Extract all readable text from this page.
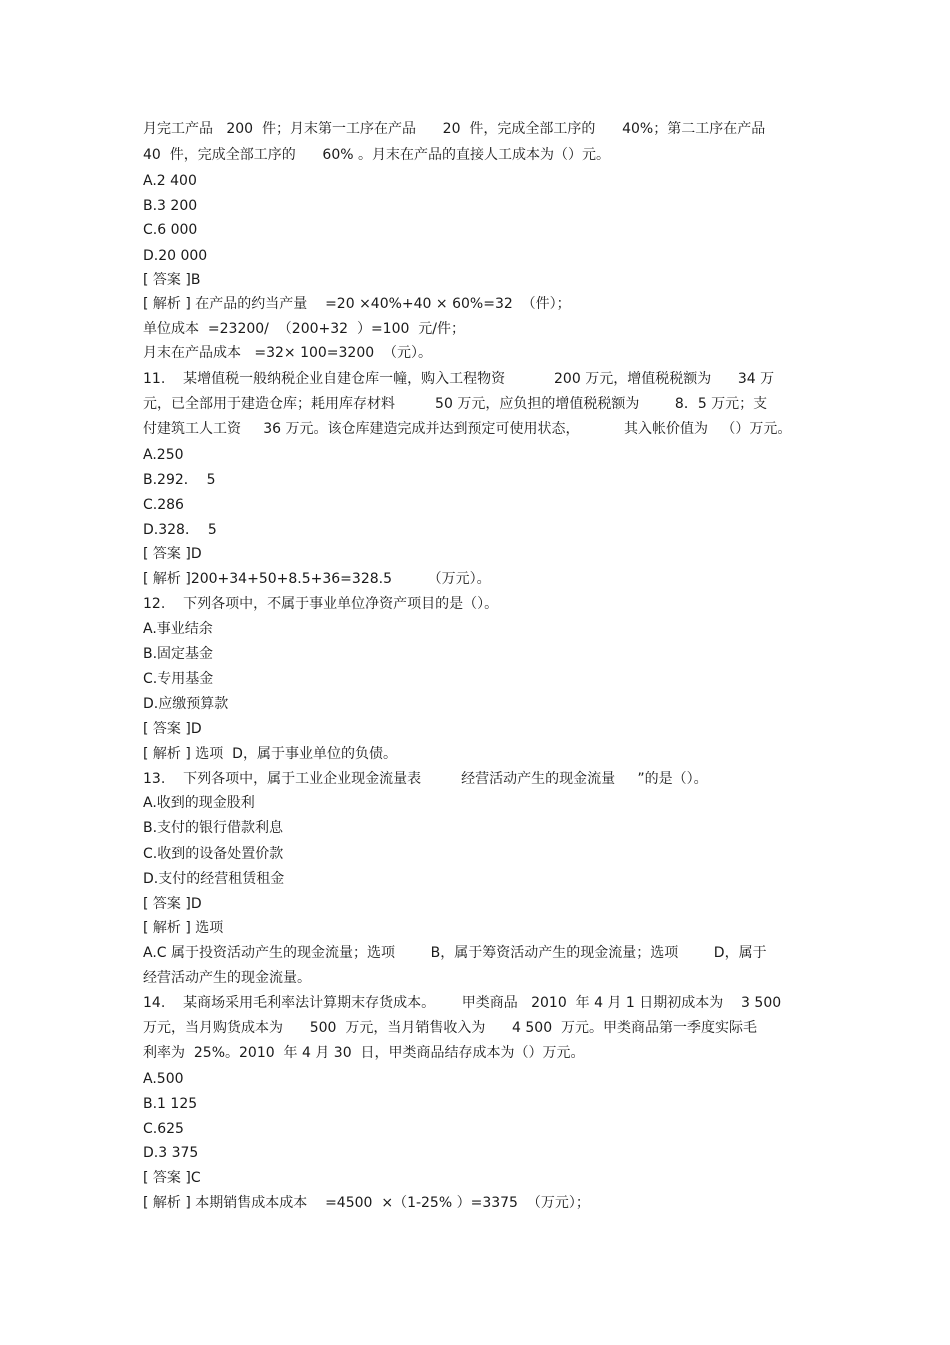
月完工产品   200  件；月末第一工序在产品      20  件，完成全部工序的      40%；第二工序在产品
40  件，完成全部工序的      60% 。月末在产品的直接人工成本为（）元。
A.2 400
B.3 200
C.6 000
D.20 000
[ 答案 ]B
[ 解析 ] 在产品的约当产量    =20 ×40%+40 × 60%=32  （件）；
单位成本  =23200/  （200+32  ）=100  元/件；
月末在产品成本   =32× 100=3200  （元）。
11.    某增值税一般纳税企业自建仓库一幢，购入工程物资           200 万元，增值税税额为      34 万
元，已全部用于建造仓库；耗用库存材料         50 万元，应负担的增值税税额为        8．5 万元；支
付建筑工人工资     36 万元。该仓库建造完成并达到预定可使用状态，          其入帐价值为   （）万元。
A.250
B.292．  5
C.286
D.328．  5
[ 答案 ]D
[ 解析 ]200+34+50+8.5+36=328.5        （万元）。
12.    下列各项中，不属于事业单位净资产项目的是（）。
A.事业结余
B.固定基金
C.专用基金
D.应缴预算款
[ 答案 ]D
[ 解析 ] 选项  D，属于事业单位的负债。
13.    下列各项中，属于工业企业现金流量表         经营活动产生的现金流量     ”的是（）。
A.收到的现金股利
B.支付的银行借款利息
C.收到的设备处置价款
D.支付的经营租赁租金
[ 答案 ]D
[ 解析 ] 选项
A.C 属于投资活动产生的现金流量；选项        B，属于筹资活动产生的现金流量；选项        D，属于
经营活动产生的现金流量。
14.    某商场采用毛利率法计算期末存货成本。      甲类商品   2010  年 4 月 1 日期初成本为    3 500
万元，当月购货成本为      500  万元，当月销售收入为      4 500  万元。甲类商品第一季度实际毛
利率为  25%。2010  年 4 月 30  日，甲类商品结存成本为（）万元。
A.500
B.1 125
C.625
D.3 375
[ 答案 ]C
[ 解析 ] 本期销售成本成本    =4500  ×（1-25% ）=3375  （万元）；
